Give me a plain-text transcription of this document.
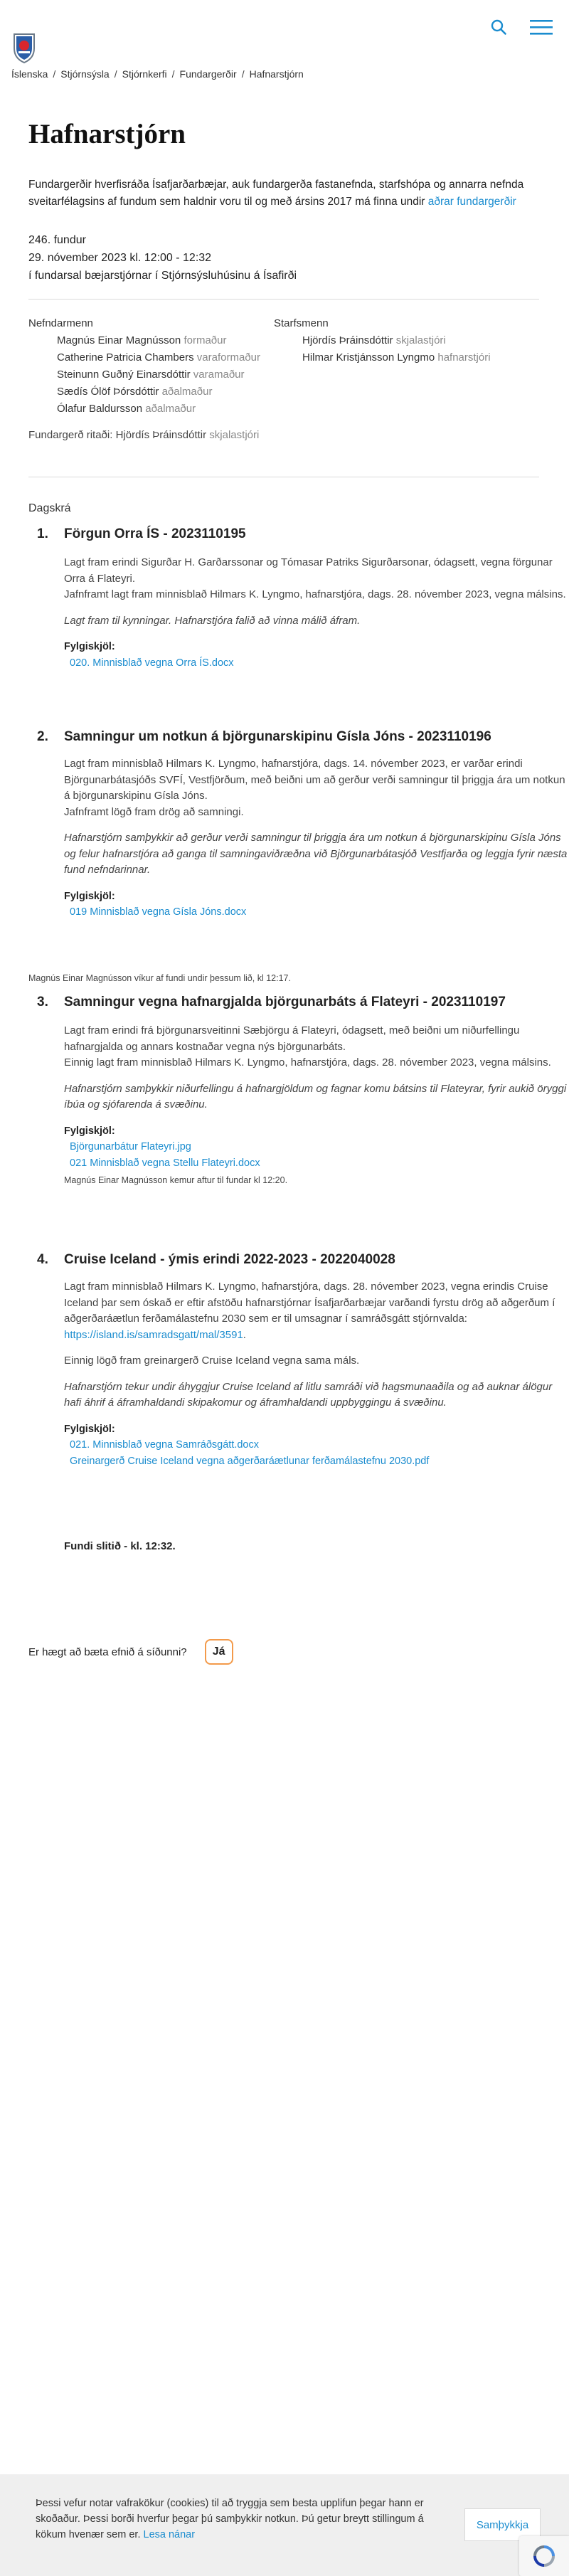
Íslenska / Stjórnsýsla / Stjórnkerfi / Fundargerðir / Hafnarstjórn
Hafnarstjórn
Fundargerðir hverfisráða Ísafjarðarbæjar, auk fundargerða fastanefnda, starfshópa og annarra nefnda sveitarfélagsins af fundum sem haldnir voru til og með ársins 2017 má finna undir aðrar fundargerðir
246. fundur
29. nóvember 2023 kl. 12:00 - 12:32
í fundarsal bæjarstjórnar í Stjórnsýsluhúsinu á Ísafirði
Nefndarmenn
Magnús Einar Magnússon formaður
Catherine Patricia Chambers varaformaður
Steinunn Guðný Einarsdóttir varamaður
Sædís Ólöf Þórsdóttir aðalmaður
Ólafur Baldursson aðalmaður
Starfsmenn
Hjördís Þráinsdóttir skjalastjóri
Hilmar Kristjánsson Lyngmo hafnarstjóri
Fundargerð ritaði: Hjördís Þráinsdóttir skjalastjóri
Dagskrá
1. Förgun Orra ÍS - 2023110195

Lagt fram erindi Sigurðar H. Garðarssonar og Tómasar Patriks Sigurðarsonar, ódagsett, vegna förgunar Orra á Flateyri.

Jafnframt lagt fram minnisblað Hilmars K. Lyngmo, hafnarstjóra, dags. 28. nóvember 2023, vegna málsins.

Lagt fram til kynningar. Hafnarstjóra falið að vinna málið áfram.

Fylgiskjöl:
020. Minnisblað vegna Orra ÍS.docx
2. Samningur um notkun á björgunarskipinu Gísla Jóns - 2023110196

Lagt fram minnisblað Hilmars K. Lyngmo, hafnarstjóra, dags. 14. nóvember 2023, er varðar erindi Björgunarbátasjóðs SVFÍ, Vestfjörðum, með beiðni um að gerður verði samningur til þriggja ára um notkun á björgunarskipinu Gísla Jóns.

Jafnframt lögð fram drög að samningi.

Hafnarstjórn samþykkir að gerður verði samningur til þriggja ára um notkun á björgunarskipinu Gísla Jóns og felur hafnarstjóra að ganga til samningaviðræðna við Björgunarbátasjóð Vestfjarða og leggja fyrir næsta fund nefndarinnar.

Fylgiskjöl:
019 Minnisblað vegna Gísla Jóns.docx
Magnús Einar Magnússon víkur af fundi undir þessum lið, kl 12:17.
3. Samningur vegna hafnargjalda björgunarbáts á Flateyri - 2023110197

Lagt fram erindi frá björgunarsveitinni Sæbjörgu á Flateyri, ódagsett, með beiðni um niðurfellingu hafnargjalda og annars kostnaðar vegna nýs björgunarbáts.

Einnig lagt fram minnisblað Hilmars K. Lyngmo, hafnarstjóra, dags. 28. nóvember 2023, vegna málsins.

Hafnarstjórn samþykkir niðurfellingu á hafnargjöldum og fagnar komu bátsins til Flateyrar, fyrir aukið öryggi íbúa og sjófarenda á svæðinu.

Fylgiskjöl:
Björgunarbátur Flateyri.jpg
021 Minnisblað vegna Stellu Flateyri.docx
Magnús Einar Magnússon kemur aftur til fundar kl 12:20.
4. Cruise Iceland - ýmis erindi 2022-2023 - 2022040028

Lagt fram minnisblað Hilmars K. Lyngmo, hafnarstjóra, dags. 28. nóvember 2023, vegna erindis Cruise Iceland þar sem óskað er eftir afstöðu hafnarstjórnar Ísafjarðarbæjar varðandi fyrstu drög að aðgerðum í aðgerðaráætlun ferðamálastefnu 2030 sem er til umsagnar í samráðsgátt stjórnvalda: https://island.is/samradsgatt/mal/3591.

Einnig lögð fram greinargerð Cruise Iceland vegna sama máls.

Hafnarstjórn tekur undir áhyggjur Cruise Iceland af litlu samráði við hagsmunaaðila og að auknar álögur hafi áhrif á áframhaldandi skipakomur og áframhaldandi uppbyggingu á svæðinu.

Fylgiskjöl:
021. Minnisblað vegna Samráðsgátt.docx
Greinargerð Cruise Iceland vegna aðgerðaráætlunar ferðamálastefnu 2030.pdf
Fundi slitið - kl. 12:32.
Er hægt að bæta efnið á síðunni?	Já
Þessi vefur notar vafrakökur (cookies) til að tryggja sem besta upplifun þegar hann er skoðaður. Þessi borði hverfur þegar þú samþykkir notkun. Þú getur breytt stillingum á kökum hvenær sem er. Lesa nánar
Samþykkja
